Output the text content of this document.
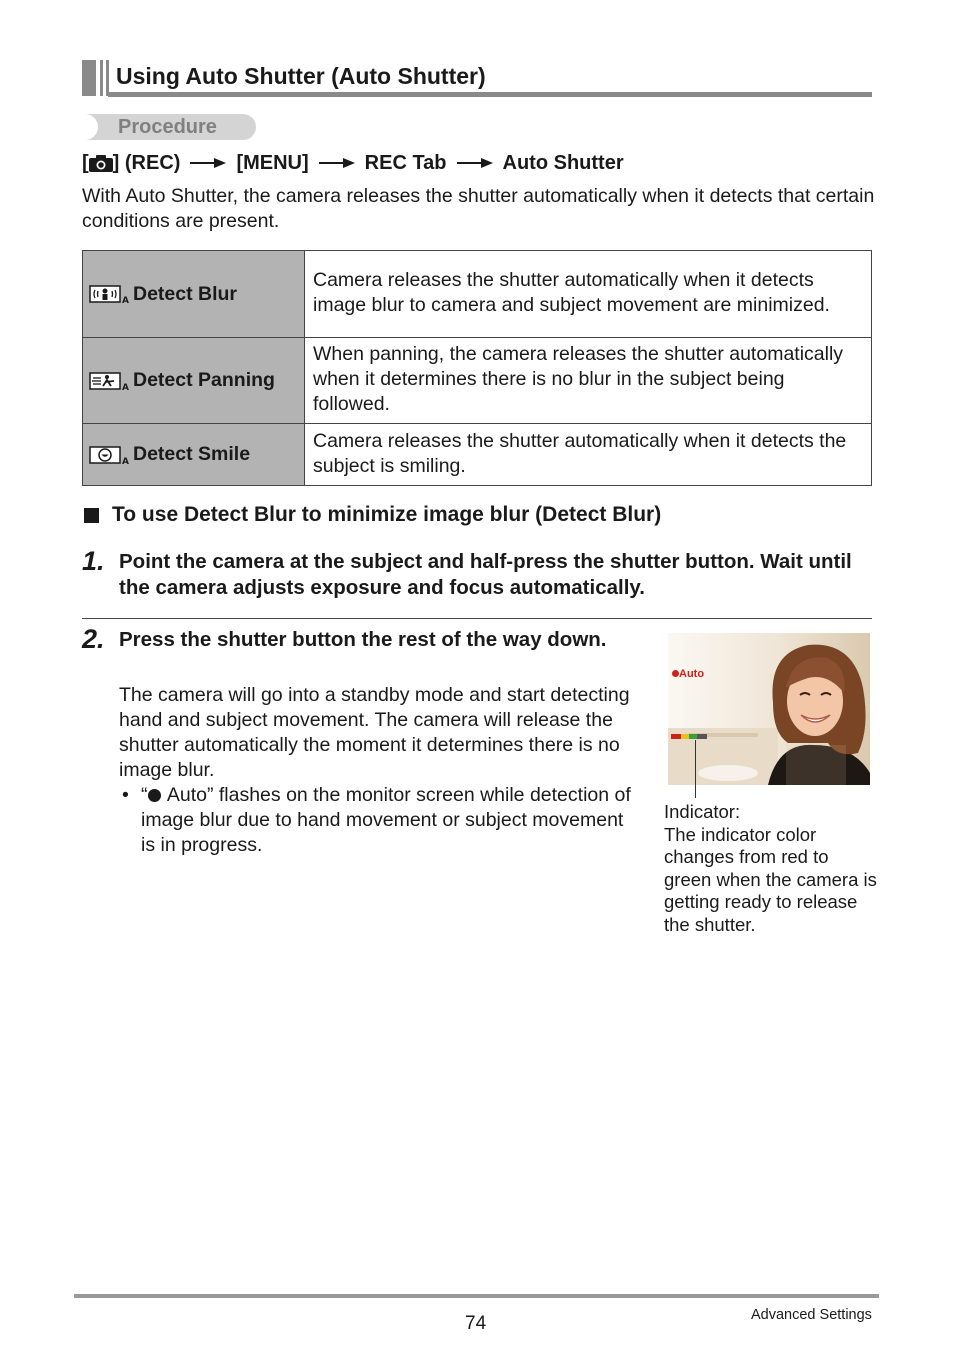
Using Auto Shutter (Auto Shutter)
Procedure
[ ] (REC)	[MENU]	REC Tab	Auto Shutter
With Auto Shutter, the camera releases the shutter automatically when it detects that certain conditions are present.
A Detect Blur	Camera releases the shutter automatically when it detects image blur to camera and subject movement are minimized.

A Detect Panning	When panning, the camera releases the shutter automatically when it determines there is no blur in the subject being followed.

A Detect Smile	Camera releases the shutter automatically when it detects the subject is smiling.
To use Detect Blur to minimize image blur (Detect Blur)
1. Point the camera at the subject and half-press the shutter button. Wait until the camera adjusts exposure and focus automatically.
2. Press the shutter button the rest of the way down.
The camera will go into a standby mode and start detecting hand and subject movement. The camera will release the shutter automatically the moment it determines there is no image blur.
• “ Auto” flashes on the monitor screen while detection of image blur due to hand movement or subject movement is in progress.
Auto
Indicator:
The indicator color changes from red to green when the camera is getting ready to release the shutter.
74	Advanced Settings
